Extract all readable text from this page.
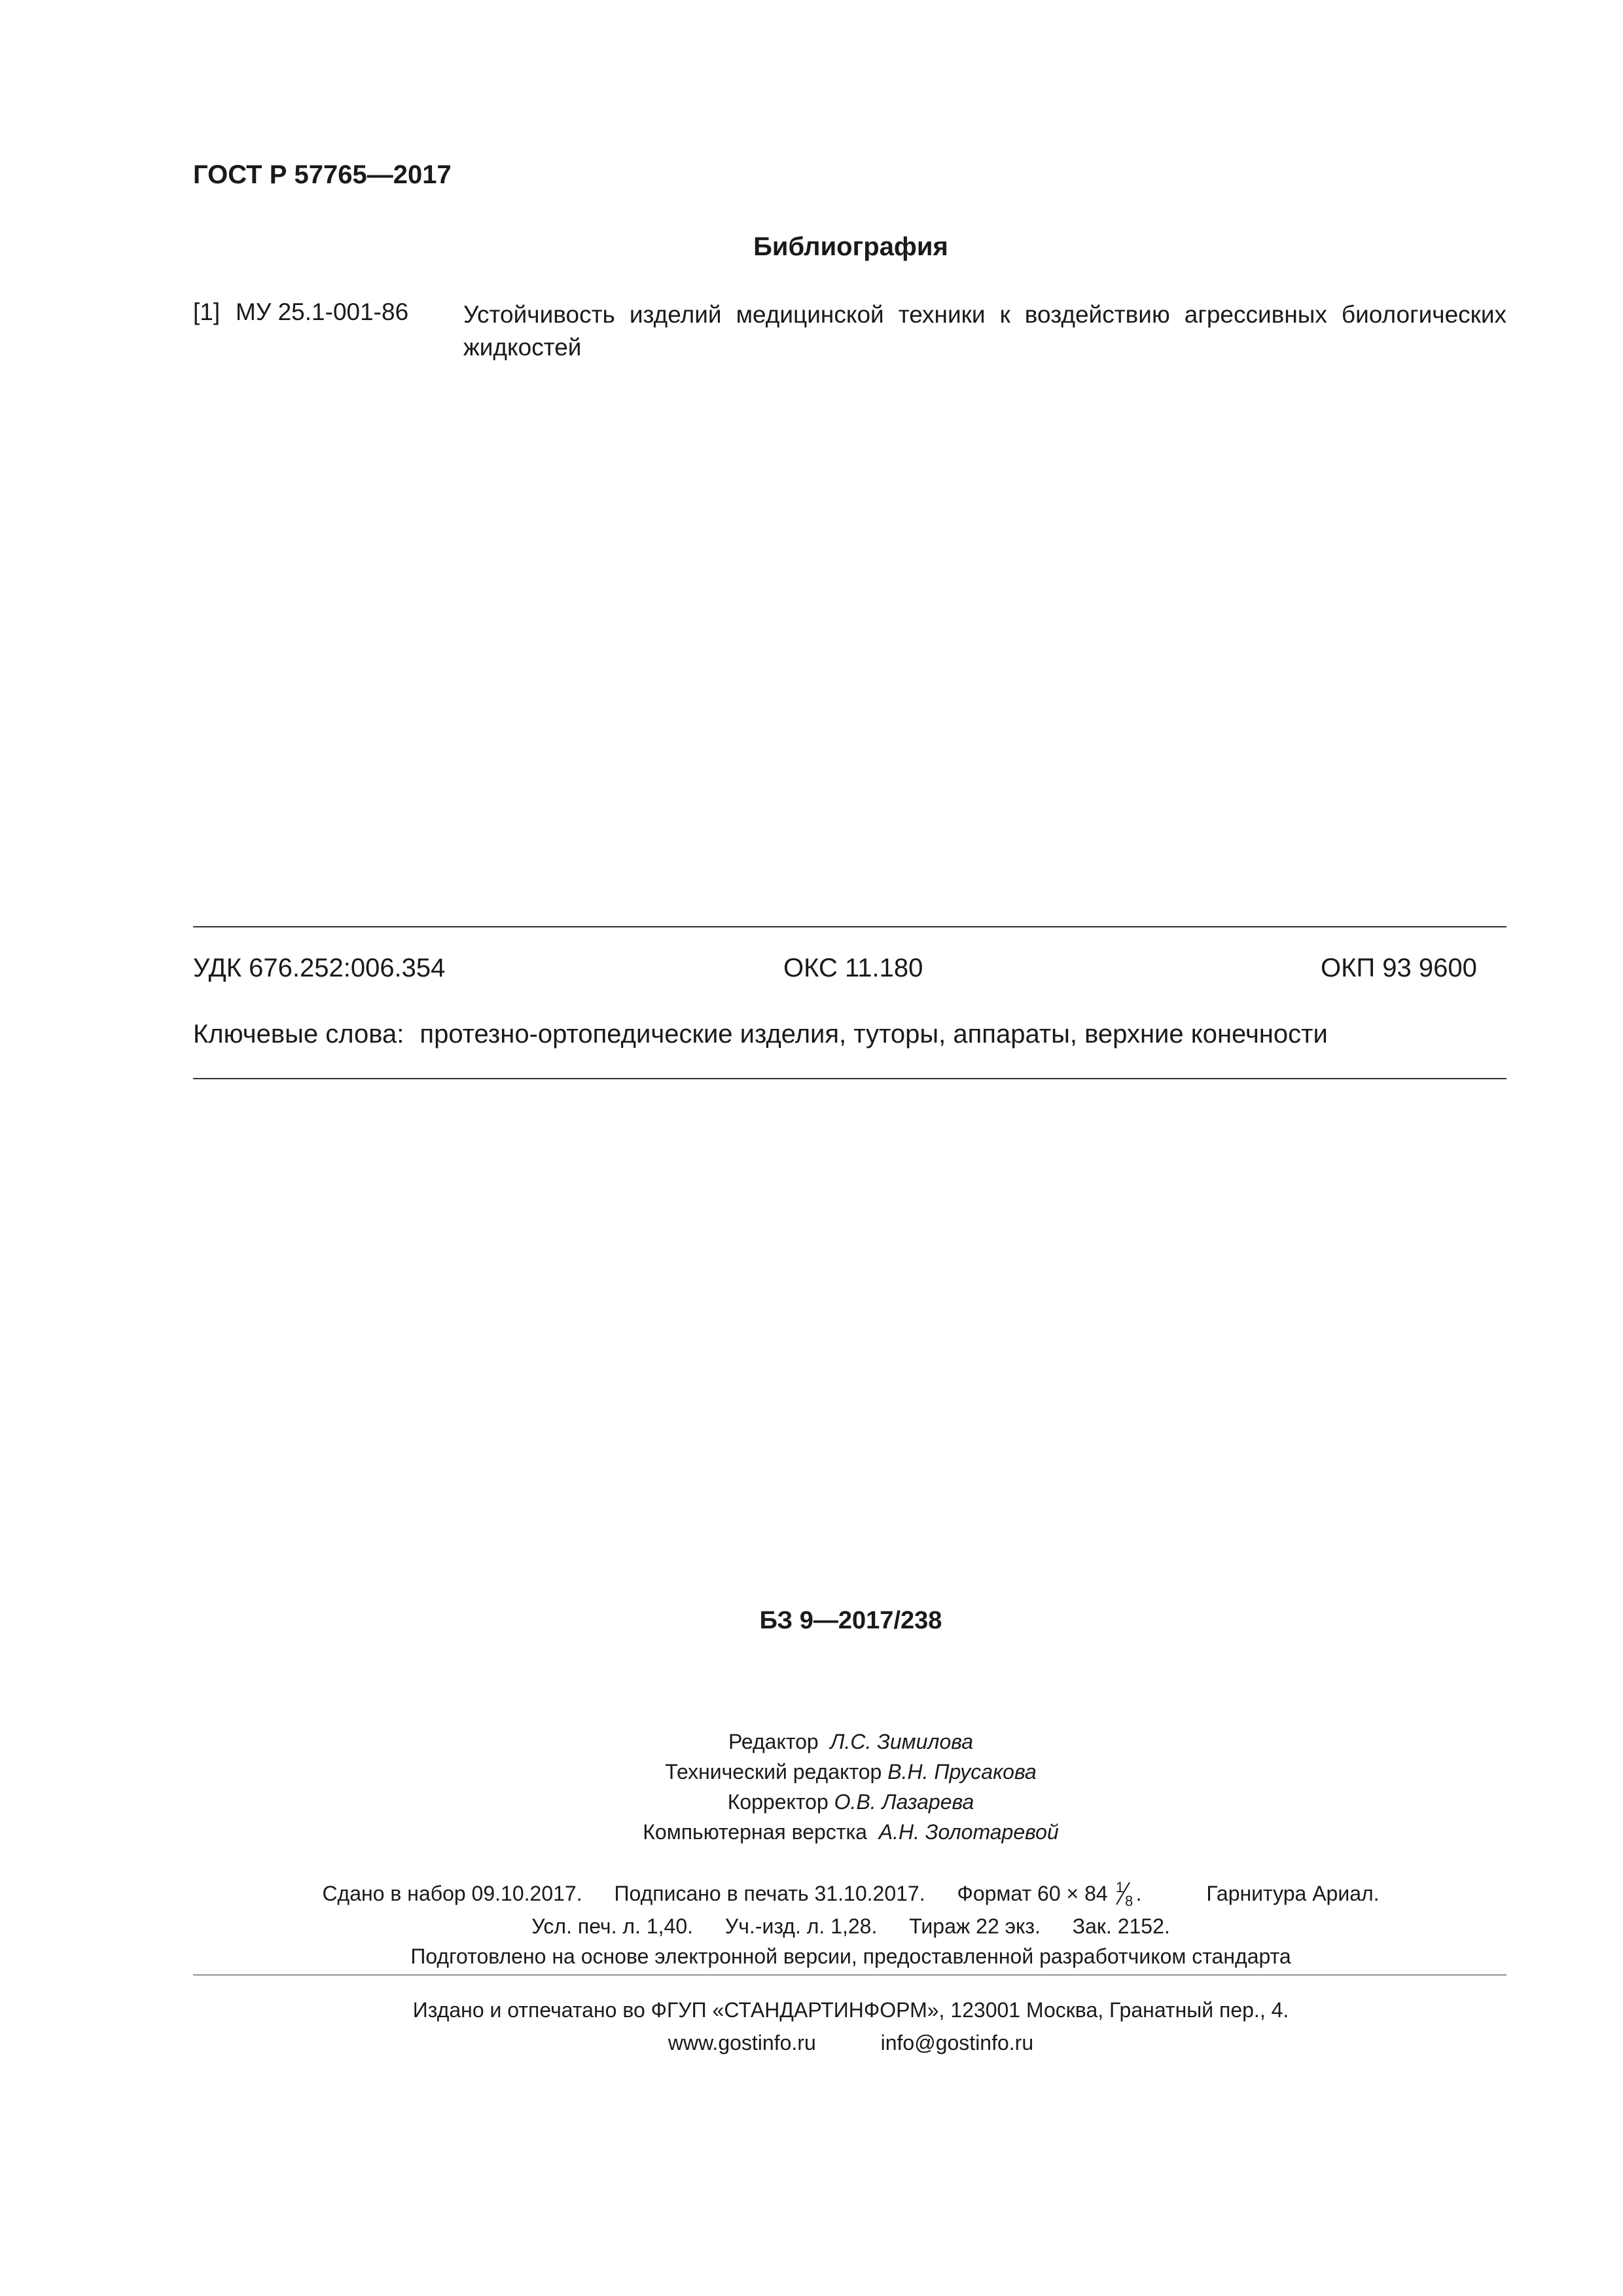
ГОСТ Р 57765—2017
Библиография
[1] МУ 25.1-001-86 Устойчивость изделий медицинской техники к воздействию агрессивных биологических жидкостей
УДК 676.252:006.354	ОКС 11.180	ОКП 93 9600
Ключевые слова: протезно-ортопедические изделия, туторы, аппараты, верхние конечности
БЗ 9—2017/238
Редактор Л.С. Зимилова
Технический редактор В.Н. Прусакова
Корректор О.В. Лазарева
Компьютерная верстка А.Н. Золотаревой
Сдано в набор 09.10.2017. Подписано в печать 31.10.2017. Формат 60 × 84 1
8 .	Гарнитура Ариал.
Усл. печ. л. 1,40. Уч.-изд. л. 1,28. Тираж 22 экз. Зак. 2152.
Подготовлено на основе электронной версии, предоставленной разработчиком стандарта
Издано и отпечатано во ФГУП «СТАНДАРТИНФОРМ», 123001 Москва, Гранатный пер., 4.
www.gostinfo.ru	info@gostinfo.ru
